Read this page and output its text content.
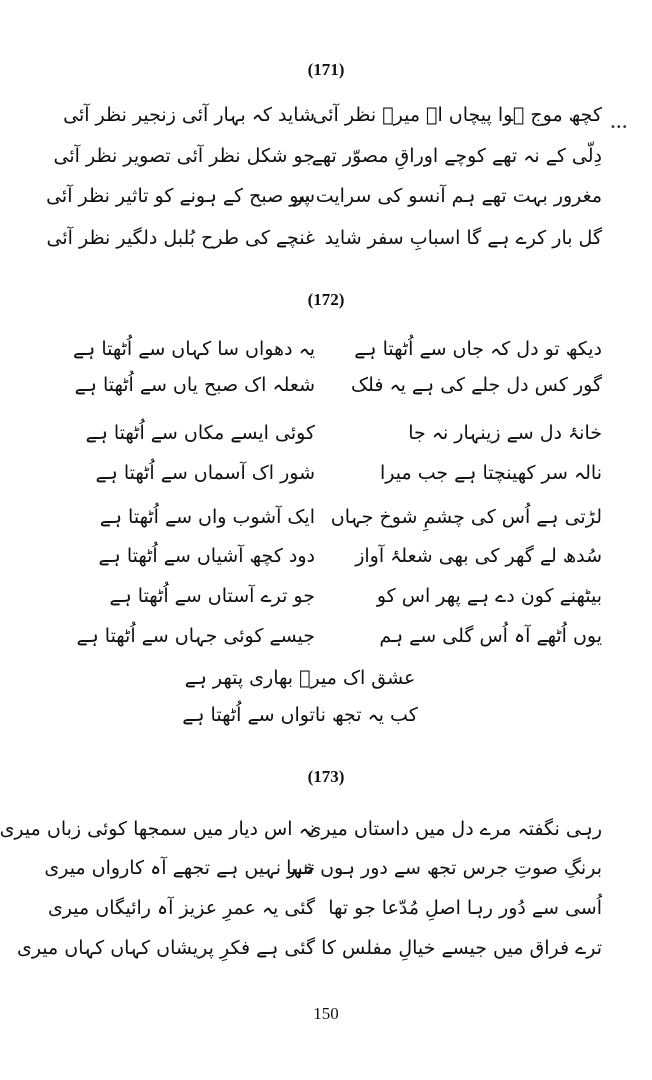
(171)
کچھ موج ہوا پیچاں اے میرؔ نظر آئی
شاید کہ بہار آئی زنجیر نظر آئی
دِلّی کے نہ تھے کوچے اوراقِ مصوّر تھے
جو شکل نظر آئی تصویر نظر آئی
مغرور بہت تھے ہم آنسو کی سرایت پر
سو صبح کے ہونے کو تاثیر نظر آئی
گل بار کرے ہے گا اسبابِ سفر شاید
غنچے کی طرح بُلبل دلگیر نظر آئی
•••
(172)
دیکھ تو دل کہ جاں سے اُٹھتا ہے
یہ دھواں سا کہاں سے اُٹھتا ہے
گور کس دل جلے کی ہے یہ فلک
شعلہ اک صبح یاں سے اُٹھتا ہے
خانۂ دل سے زینہار نہ جا
کوئی ایسے مکاں سے اُٹھتا ہے
نالہ سر کھینچتا ہے جب میرا
شور اک آسماں سے اُٹھتا ہے
لڑتی ہے اُس کی چشمِ شوخ جہاں
ایک آشوب واں سے اُٹھتا ہے
سُدھ لے گھر کی بھی شعلۂ آواز
دود کچھ آشیاں سے اُٹھتا ہے
بیٹھنے کون دے ہے پھر اس کو
جو ترے آستاں سے اُٹھتا ہے
یوں اُٹھے آہ اُس گلی سے ہم
جیسے کوئی جہاں سے اُٹھتا ہے
عشق اک میرؔ بھاری پتھر ہے
کب یہ تجھ ناتواں سے اُٹھتا ہے
(173)
رہی نگفتہ مرے دل میں داستاں میری
نہ اس دیار میں سمجھا کوئی زباں میری
برنگِ صوتِ جرس تجھ سے دور ہوں تنہا
خبر نہیں ہے تجھے آہ کارواں میری
اُسی سے دُور رہا اصلِ مُدّعا جو تھا
گئی یہ عمرِ عزیز آہ رائیگاں میری
ترے فراق میں جیسے خیالِ مفلس کا
گئی ہے فکرِ پریشاں کہاں کہاں میری
150
